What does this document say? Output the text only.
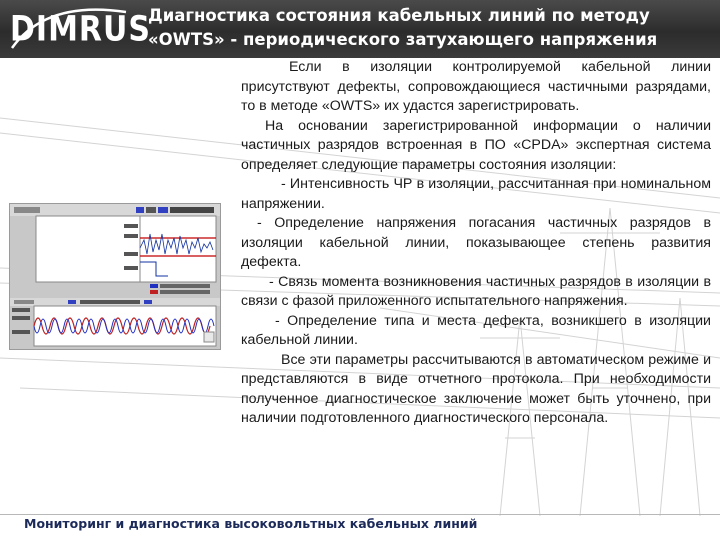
DIMRUS
Диагностика состояния кабельных линий по методу
«OWTS» - периодического затухающего напряжения

Если в изоляции контролируемой кабельной линии присутствуют дефекты, сопровождающиеся частичными разрядами, то в методе «OWTS» их удастся зарегистрировать.

На основании зарегистрированной информации о наличии частичных разрядов встроенная в ПО «CPDA» экспертная система определяет следующие параметры состояния изоляции:

- Интенсивность ЧР в изоляции, рассчитанная при номинальном напряжении.

- Определение напряжения погасания частичных разрядов в изоляции кабельной линии, показывающее степень развития дефекта.

- Связь момента возникновения частичных разрядов в изоляции в связи с фазой приложенного испытательного напряжения.

- Определение типа и места дефекта, возникшего в изоляции кабельной линии.

Все эти параметры рассчитываются в автоматическом режиме и представляются в виде отчетного протокола. При необходимости полученное диагностическое заключение может быть уточнено, при наличии подготовленного диагностического персонала.

Мониторинг и диагностика высоковольтных кабельных линий
